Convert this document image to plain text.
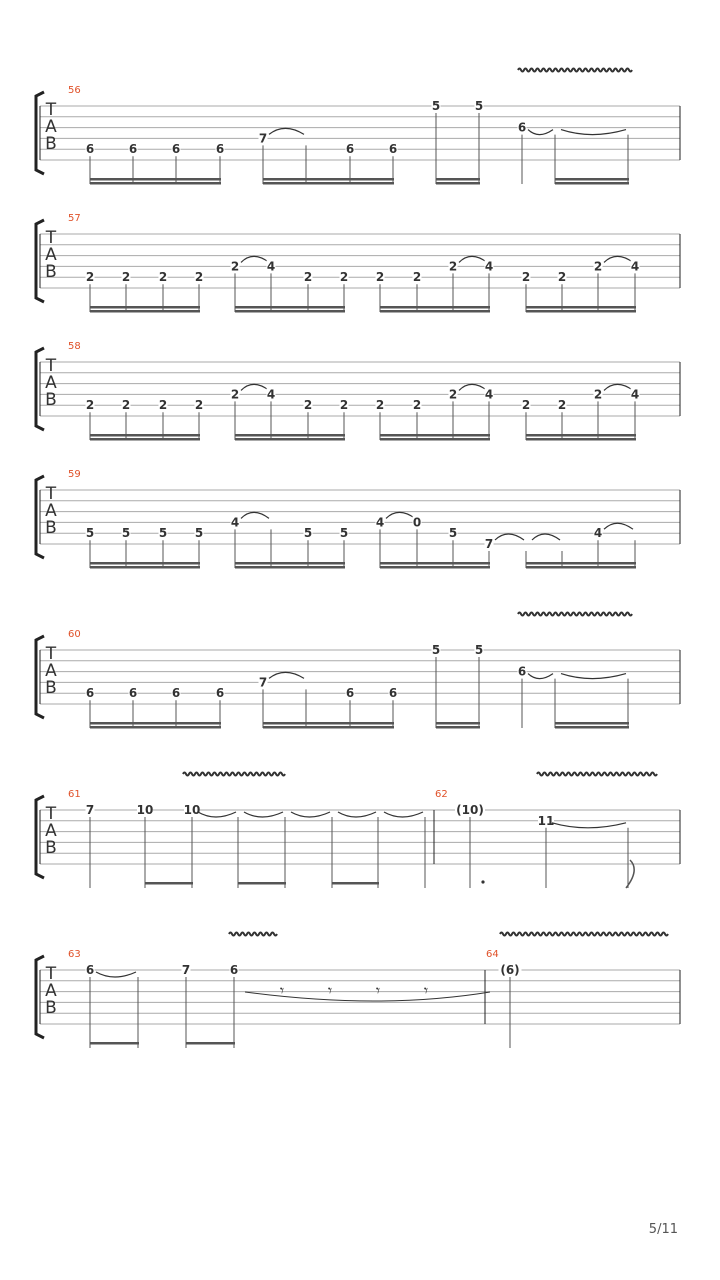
T
A
B
56
6	6	6	6
7
6	6
5	5
6
T
A
B
57
2 2 2 2
2 4
2 2 2 2
2 4
2 2
2 4
T
A
B
58
2 2 2 2
2 4
2 2 2 2
2 4
2 2
2 4
T
A
B
59
5 5 5 5
4
5 5
4 0
5
7
4
T
A
B
60
6	6	6	6
7
6	6
5	5
6
T
A
B
61	62
7	10	10	(10)
11
T
A
B
63	64
6	7	6	(6)
𝄾	𝄾	𝄾	𝄾
5/11
